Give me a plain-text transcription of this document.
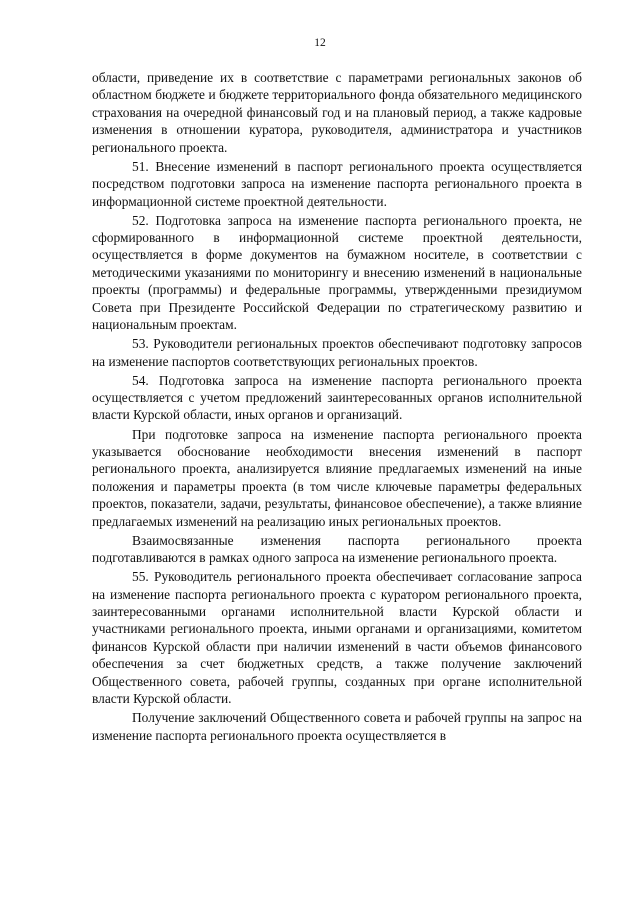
12

области, приведение их в соответствие с параметрами региональных законов об областном бюджете и бюджете территориального фонда обязательного медицинского страхования на очередной финансовый год и на плановый период, а также кадровые изменения в отношении куратора, руководителя, администратора и участников регионального проекта.

51. Внесение изменений в паспорт регионального проекта осуществляется посредством подготовки запроса на изменение паспорта регионального проекта в информационной системе проектной деятельности.

52. Подготовка запроса на изменение паспорта регионального проекта, не сформированного в информационной системе проектной деятельности, осуществляется в форме документов на бумажном носителе, в соответствии с методическими указаниями по мониторингу и внесению изменений в национальные проекты (программы) и федеральные программы, утвержденными президиумом Совета при Президенте Российской Федерации по стратегическому развитию и национальным проектам.

53. Руководители региональных проектов обеспечивают подготовку запросов на изменение паспортов соответствующих региональных проектов.

54. Подготовка запроса на изменение паспорта регионального проекта осуществляется с учетом предложений заинтересованных органов исполнительной власти Курской области, иных органов и организаций.

При подготовке запроса на изменение паспорта регионального проекта указывается обоснование необходимости внесения изменений в паспорт регионального проекта, анализируется влияние предлагаемых изменений на иные положения и параметры проекта (в том числе ключевые параметры федеральных проектов, показатели, задачи, результаты, финансовое обеспечение), а также влияние предлагаемых изменений на реализацию иных региональных проектов.

Взаимосвязанные изменения паспорта регионального проекта подготавливаются в рамках одного запроса на изменение регионального проекта.

55. Руководитель регионального проекта обеспечивает согласование запроса на изменение паспорта регионального проекта с куратором регионального проекта, заинтересованными органами исполнительной власти Курской области и участниками регионального проекта, иными органами и организациями, комитетом финансов Курской области при наличии изменений в части объемов финансового обеспечения за счет бюджетных средств, а также получение заключений Общественного совета, рабочей группы, созданных при органе исполнительной власти Курской области.

Получение заключений Общественного совета и рабочей группы на запрос на изменение паспорта регионального проекта осуществляется в
